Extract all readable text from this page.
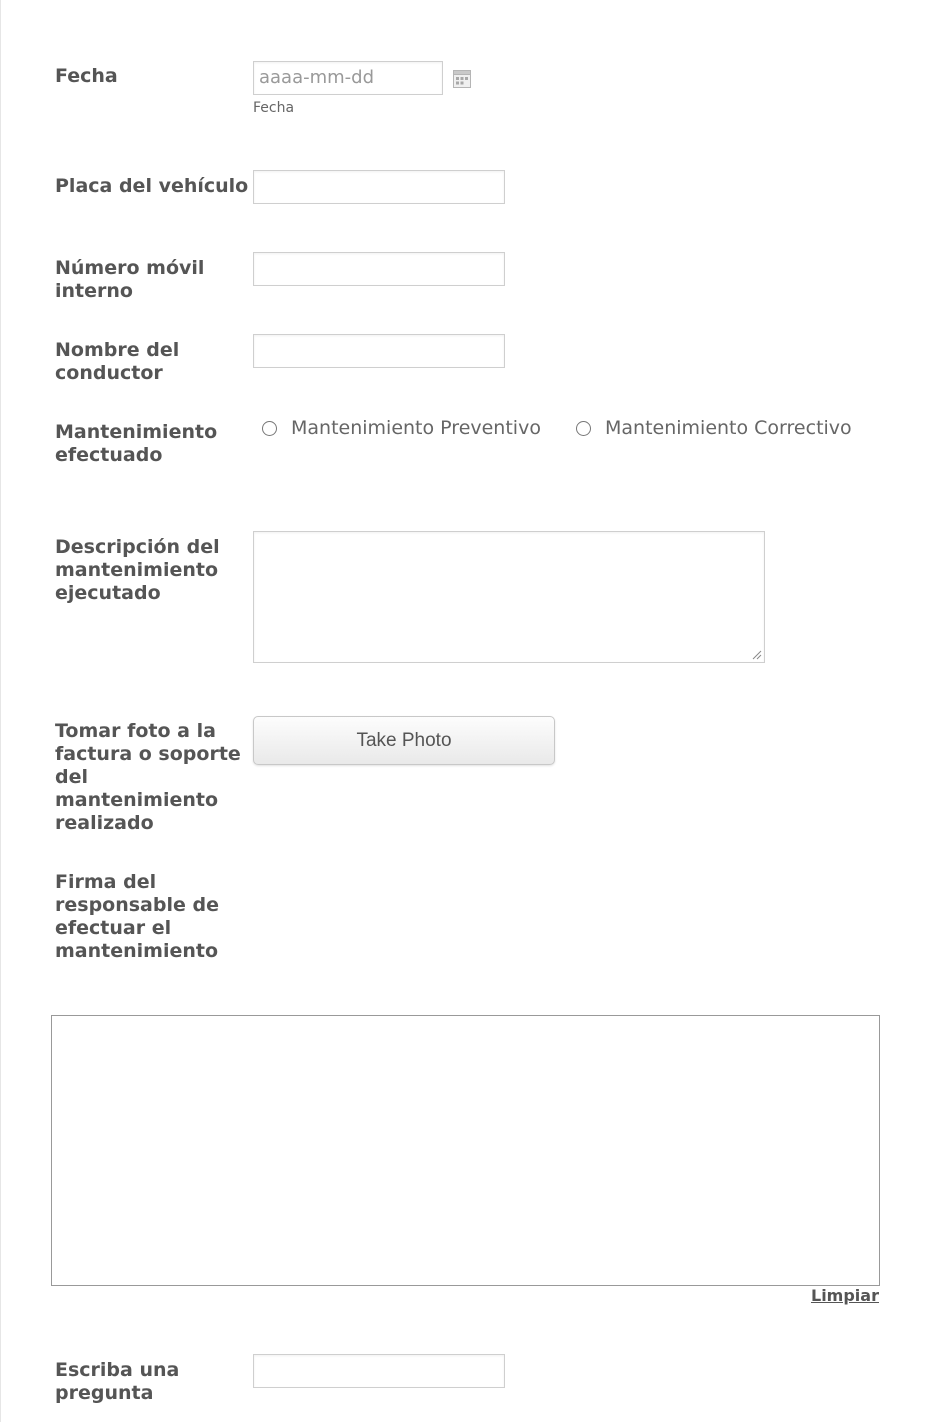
Fecha	aaaa-mm-dd
Fecha
Placa del vehículo
Número móvil interno
Nombre del conductor
Mantenimiento efectuado
Mantenimiento Preventivo	Mantenimiento Correctivo
Descripción del mantenimiento ejecutado
Tomar foto a la factura o soporte del mantenimiento realizado
Take Photo
Firma del responsable de efectuar el mantenimiento
Limpiar
Escriba una pregunta
